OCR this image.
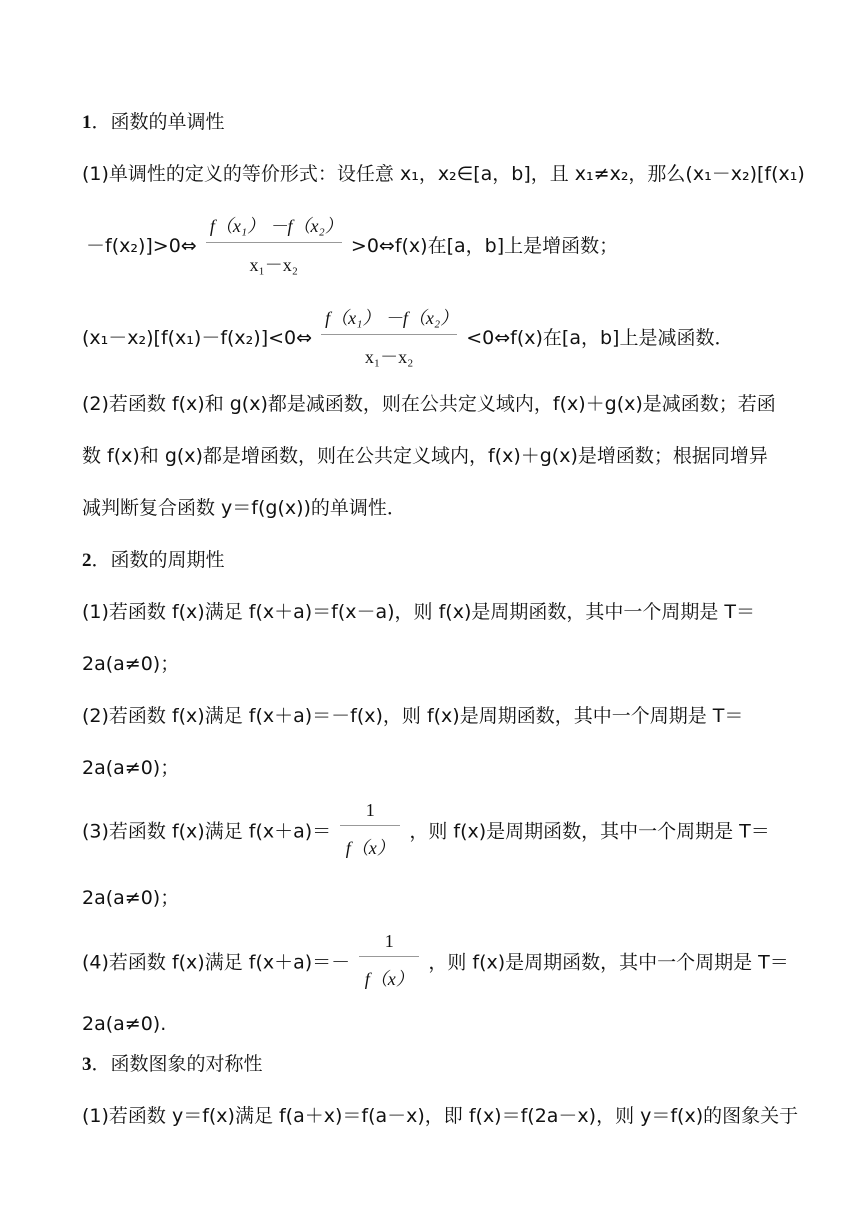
1．函数的单调性
(1)单调性的定义的等价形式：设任意 x₁，x₂∈[a，b]，且 x₁≠x₂，那么(x₁－x₂)[f(x₁)
－f(x₂)]>0⇔ $\frac{\text{f（x₁） －f（x₂）}}{\text{x₁－x₂}}$ >0⇔f(x)在[a，b]上是增函数；
(x₁－x₂)[f(x₁)－f(x₂)]<0⇔ $\frac{\text{f（x₁） －f（x₂）}}{\text{x₁－x₂}}$ <0⇔f(x)在[a，b]上是减函数．
(2)若函数 f(x)和 g(x)都是减函数，则在公共定义域内，f(x)＋g(x)是减函数；若函
数 f(x)和 g(x)都是增函数，则在公共定义域内，f(x)＋g(x)是增函数；根据同增异
减判断复合函数 y＝f(g(x))的单调性．
2．函数的周期性
(1)若函数 f(x)满足 f(x＋a)＝f(x－a)，则 f(x)是周期函数，其中一个周期是 T＝
2a(a≠0)；
(2)若函数 f(x)满足 f(x＋a)＝－f(x)，则 f(x)是周期函数，其中一个周期是 T＝
2a(a≠0)；
(3)若函数 f(x)满足 $f(x+a)= \frac{1}{f(x)}$ ，则 f(x)是周期函数，其中一个周期是 T＝
2a(a≠0)；
(4)若函数 f(x)满足 $f(x+a)=- \frac{1}{f(x)}$ ，则 f(x)是周期函数，其中一个周期是 T＝
2a(a≠0).
3．函数图象的对称性
(1)若函数 y＝f(x)满足 f(a＋x)＝f(a－x)，即 f(x)＝f(2a－x)，则 y＝f(x)的图象关于
